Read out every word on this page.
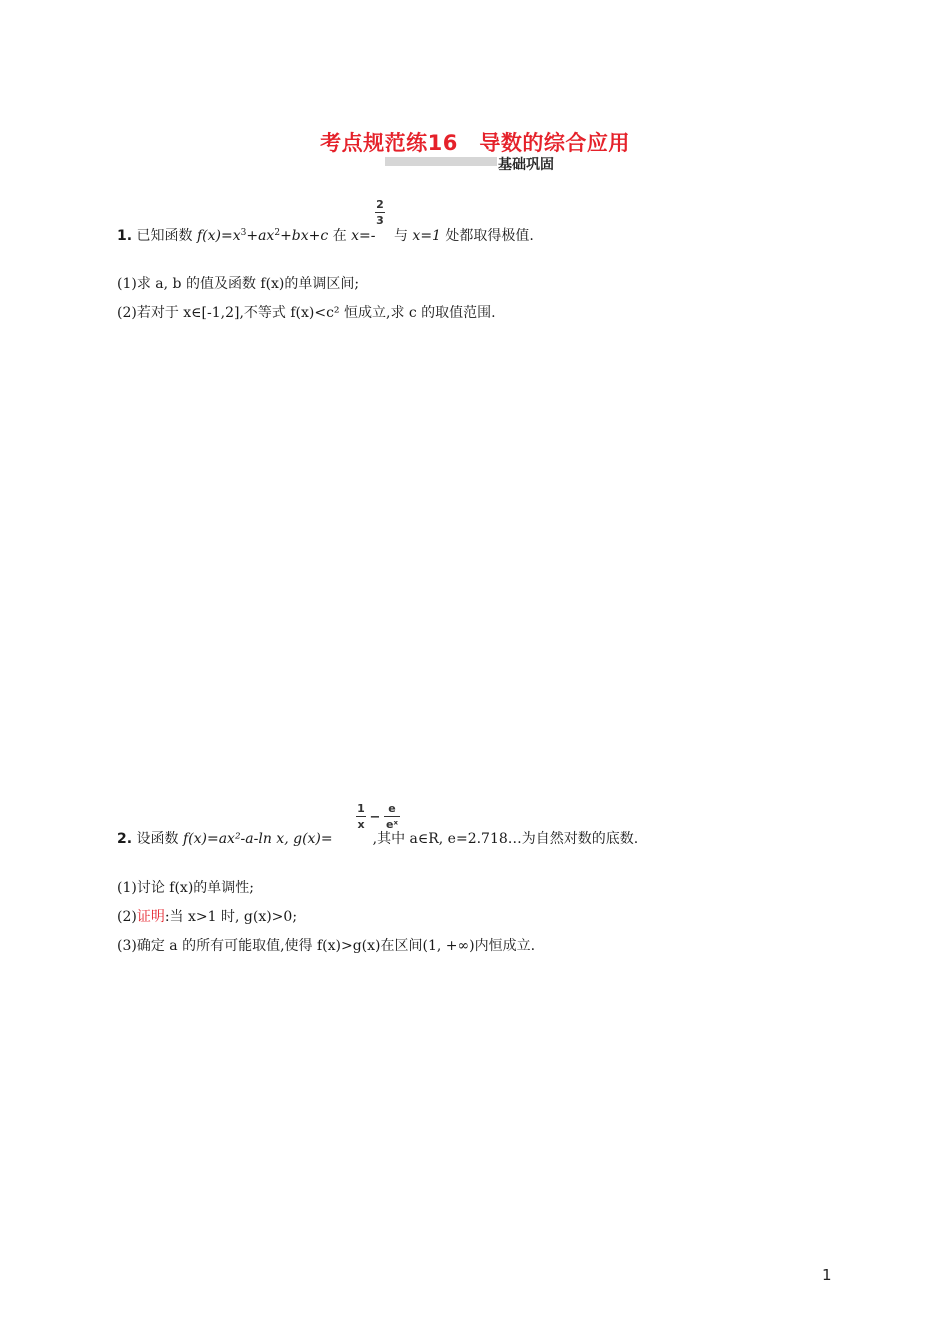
考点规范练16　导数的综合应用
基础巩固
2
3
1. 已知函数 $f(x)=x^3+ax^2+bx+c$ 在 x=- 与 x=1 处都取得极值.
(1)求 a, b 的值及函数 f(x)的单调区间;
(2)若对于 x∈[-1,2],不等式 f(x)<c² 恒成立,求 c 的取值范围.
1
x −
e
eˣ
2. 设函数 f(x)=ax²-a-ln x, g(x)=	,其中 a∈R, e=2.718…为自然对数的底数.
(1)讨论 f(x)的单调性;
(2)证明:当 x>1 时, g(x)>0;
(3)确定 a 的所有可能取值,使得 f(x)>g(x)在区间(1, +∞)内恒成立.
1
